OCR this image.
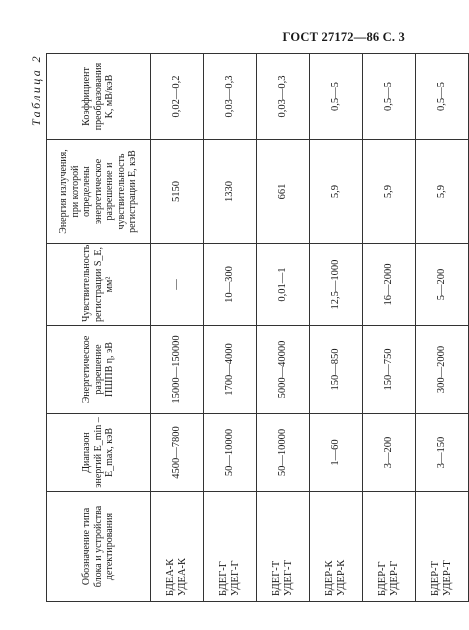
ГОСТ 27172—86 С. 3
Таблица 2
Обозначение типа блока и устройства детектирования	Диапазон энергий E_min – E_max, кэВ	Энергетическое разрешение ПШПВ η, эВ	Чувствительность регистрации S_E, мм²	Энергия излучения, при которой определены энергетическое разрешение и чувствительность регистрации E, кэВ	Коэффициент преобразования K, мВ/кэВ

БДЕА-К УДЕА-К	4500—7800	15000—150000	—	5150	0,02—0,2

БДЕГ-Г УДЕГ-Г	50—10000	1700—4000	10—300	1330	0,03—0,3

БДЕГ-Т УДЕГ-Т	50—10000	5000—40000	0,01—1	661	0,03—0,3

БДЕР-К УДЕР-К	1—60	150—850	12,5—1000	5,9	0,5—5

БДЕР-Г УДЕР-Г	3—200	150—750	16—2000	5,9	0,5—5

БДЕР-Т УДЕР-Т	3—150	300—2000	5—200	5,9	0,5—5
